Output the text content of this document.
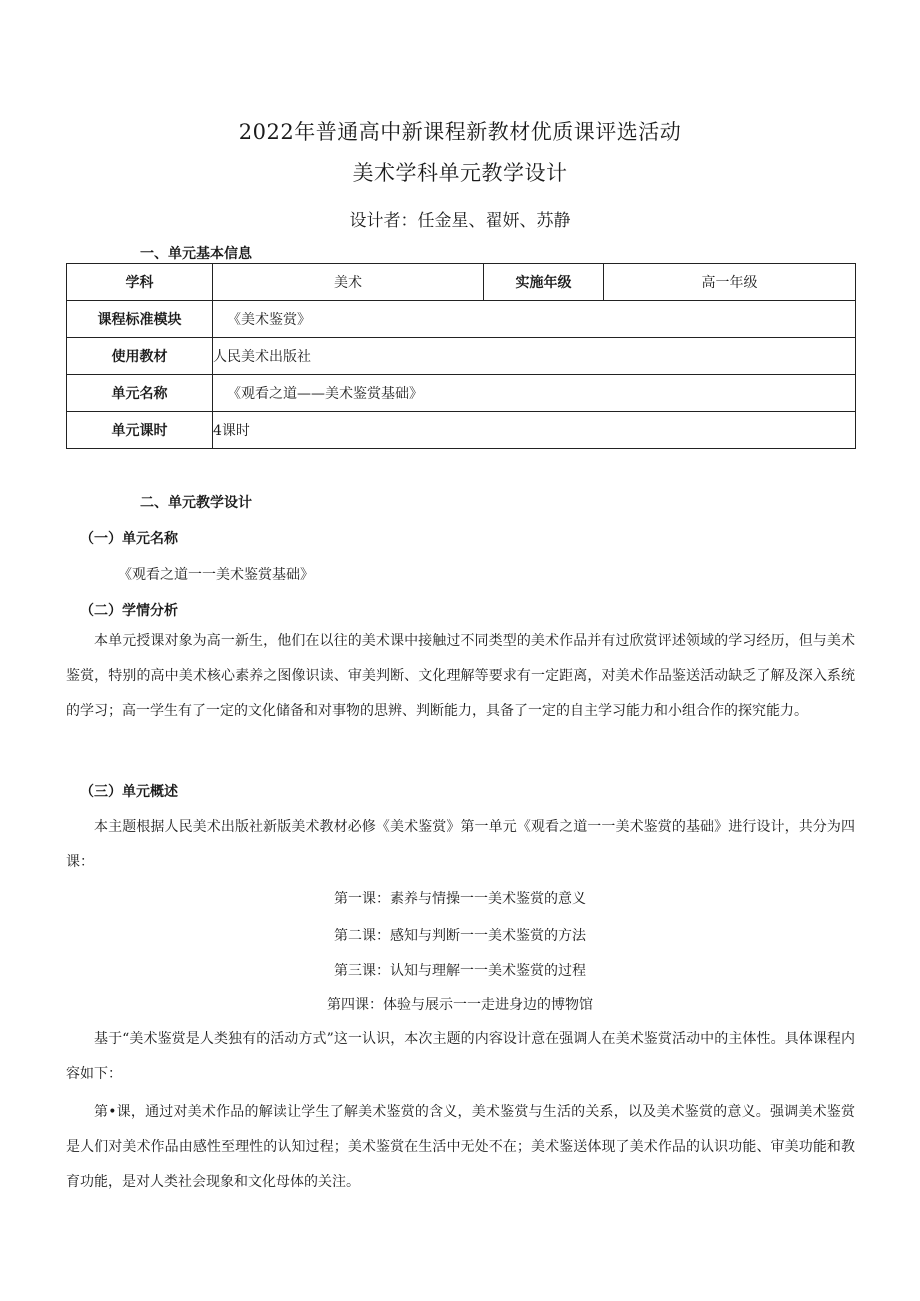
2022年普通高中新课程新教材优质课评选活动
美术学科单元教学设计
设计者：任金星、翟妍、苏静
一、单元基本信息
学科	美术	实施年级	高一年级
课程标准模块	《美术鉴赏》		
使用教材	人民美术出版社		
单元名称	《观看之道——美术鉴赏基础》		
单元课时	4课时		
二、单元教学设计
（一）单元名称
《观看之道一一美术鉴赏基础》
（二）学情分析
本单元授课对象为高一新生，他们在以往的美术课中接触过不同类型的美术作品并有过欣赏评述领域的学习经历，但与美术鉴赏，特别的高中美术核心素养之图像识读、审美判断、文化理解等要求有一定距离，对美术作品鉴送活动缺乏了解及深入系统的学习；高一学生有了一定的文化储备和对事物的思辨、判断能力，具备了一定的自主学习能力和小组合作的探究能力。
（三）单元概述
本主题根据人民美术出版社新版美术教材必修《美术鉴赏》第一单元《观看之道一一美术鉴赏的基础》进行设计，共分为四课：
第一课：素养与情操一一美术鉴赏的意义
第二课：感知与判断一一美术鉴赏的方法
第三课：认知与理解一一美术鉴赏的过程
第四课：体验与展示一一走进身边的博物馆
基于“美术鉴赏是人类独有的活动方式”这一认识，本次主题的内容设计意在强调人在美术鉴赏活动中的主体性。具体课程内容如下：
第•课，通过对美术作品的解读让学生了解美术鉴赏的含义，美术鉴赏与生活的关系，以及美术鉴赏的意义。强调美术鉴赏是人们对美术作品由感性至理性的认知过程；美术鉴赏在生活中无处不在；美术鉴送体现了美术作品的认识功能、审美功能和教育功能，是对人类社会现象和文化母体的关注。
